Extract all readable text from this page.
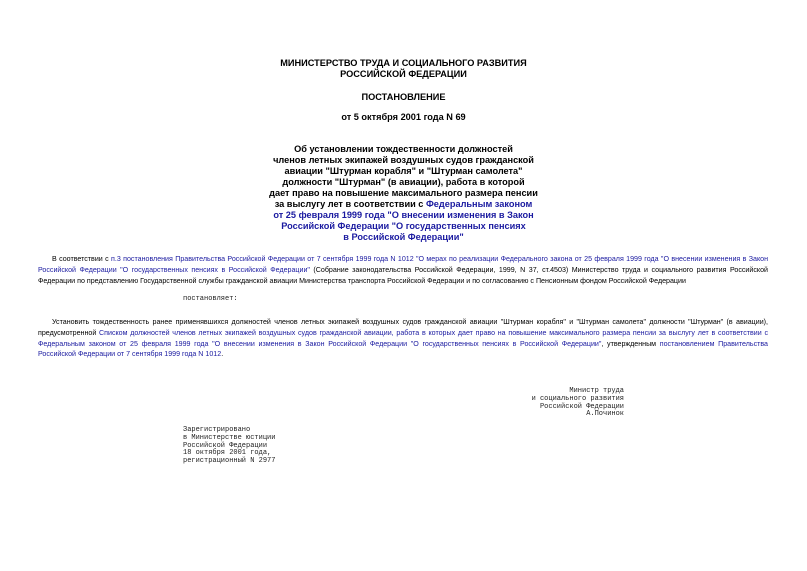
МИНИСТЕРСТВО ТРУДА И СОЦИАЛЬНОГО РАЗВИТИЯ
РОССИЙСКОЙ ФЕДЕРАЦИИ
ПОСТАНОВЛЕНИЕ
от 5 октября 2001 года N 69
Об установлении тождественности должностей
членов летных экипажей воздушных судов гражданской
авиации "Штурман корабля" и "Штурман самолета"
должности "Штурман" (в авиации), работа в которой
дает право на повышение максимального размера пенсии
за выслугу лет в соответствии с Федеральным законом
от 25 февраля 1999 года "О внесении изменения в Закон
Российской Федерации "О государственных пенсиях
в Российской Федерации"
В соответствии с п.3 постановления Правительства Российской Федерации от 7 сентября 1999 года N 1012 "О мерах по реализации Федерального закона от 25 февраля 1999 года "О внесении изменения в Закон Российской Федерации "О государственных пенсиях в Российской Федерации" (Собрание законодательства Российской Федерации, 1999, N 37, ст.4503) Министерство труда и социального развития Российской Федерации по представлению Государственной службы гражданской авиации Министерства транспорта Российской Федерации и по согласованию с Пенсионным фондом Российской Федерации
постановляет:
Установить тождественность ранее применявшихся должностей членов летных экипажей воздушных судов гражданской авиации "Штурман корабля" и "Штурман самолета" должности "Штурман" (в авиации), предусмотренной Списком должностей членов летных экипажей воздушных судов гражданской авиации, работа в которых дает право на повышение максимального размера пенсии за выслугу лет в соответствии с Федеральным законом от 25 февраля 1999 года "О внесении изменения в Закон Российской Федерации "О государственных пенсиях в Российской Федерации", утвержденным постановлением Правительства Российской Федерации от 7 сентября 1999 года N 1012.
Министр труда
и социального развития
Российской Федерации
А.Починок
Зарегистрировано
в Министерстве юстиции
Российской Федерации
18 октября 2001 года,
регистрационный N 2977
